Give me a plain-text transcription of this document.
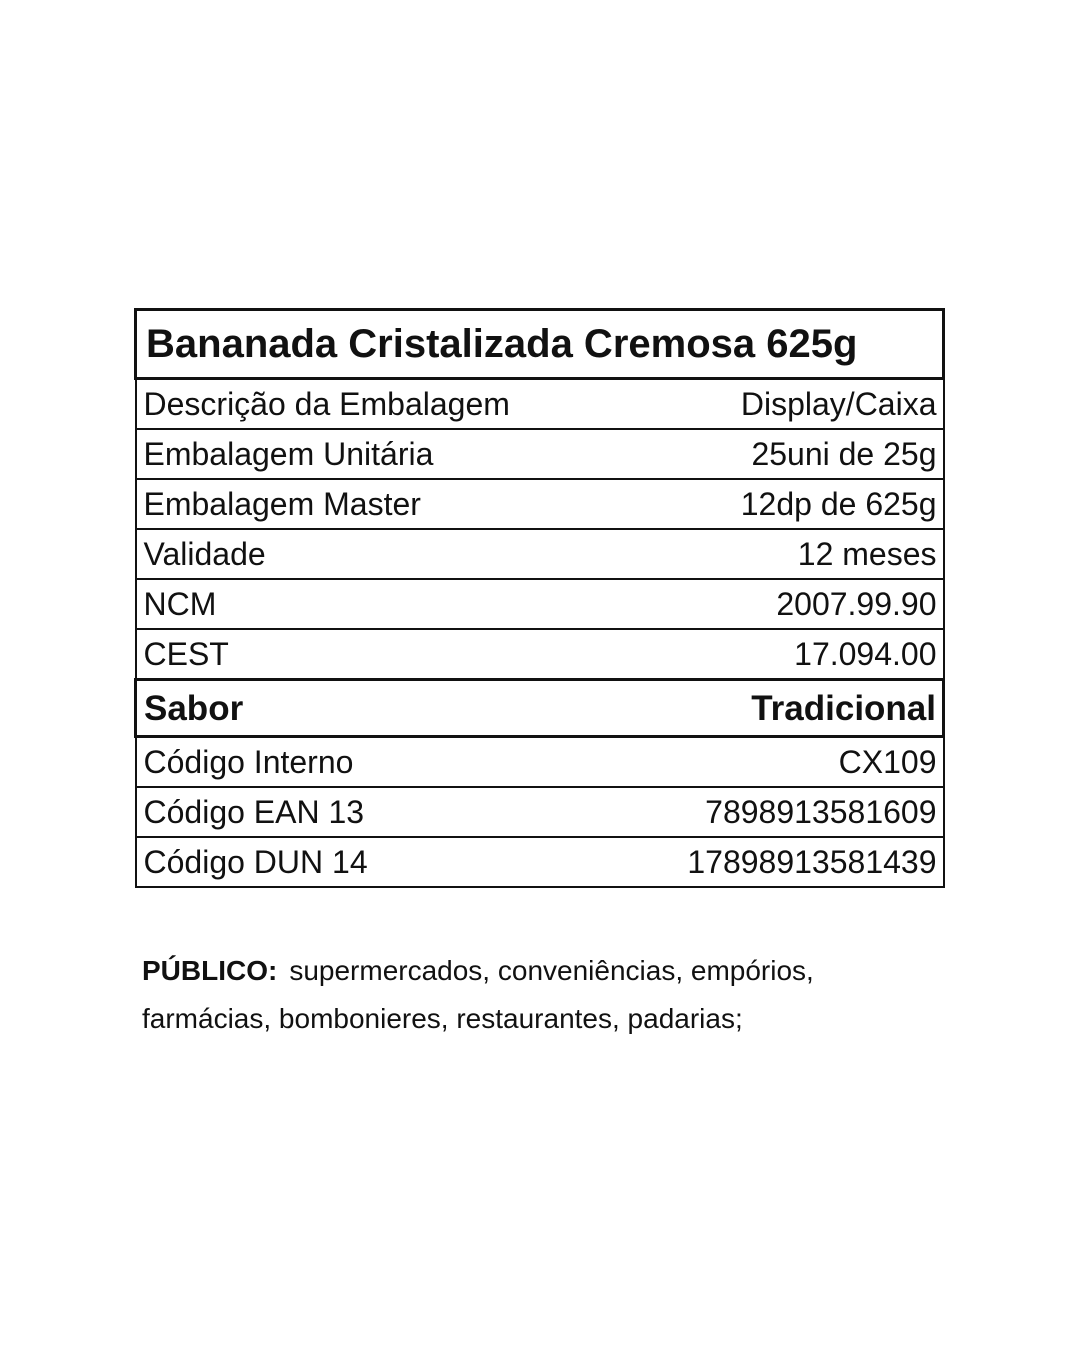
Bananada Cristalizada Cremosa 625g	
Descrição da Embalagem	Display/Caixa
Embalagem Unitária	25uni de 25g
Embalagem Master	12dp de 625g
Validade	12 meses
NCM	2007.99.90
CEST	17.094.00
Sabor	Tradicional
Código Interno	CX109
Código EAN 13	7898913581609
Código DUN 14	17898913581439
PÚBLICO: supermercados, conveniências, empórios, farmácias, bombonieres, restaurantes, padarias;
